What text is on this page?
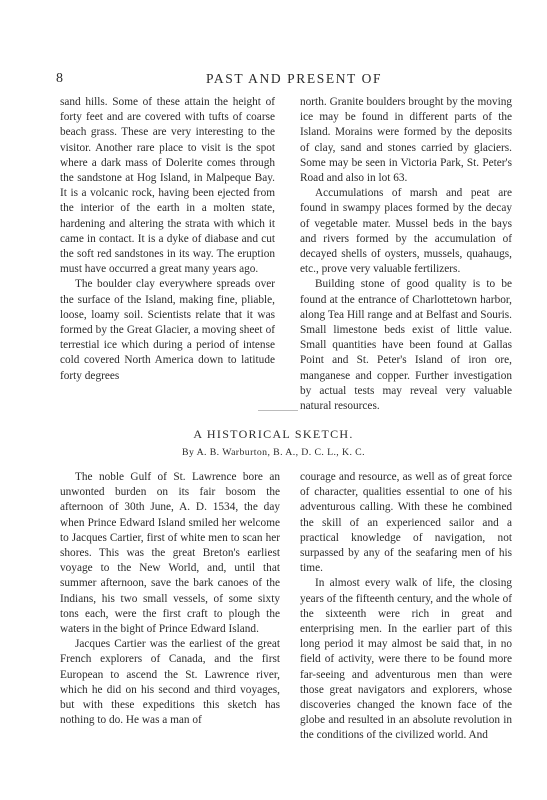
8	PAST AND PRESENT OF

sand hills. Some of these attain the height of forty feet and are covered with tufts of coarse beach grass. These are very interesting to the visitor. Another rare place to visit is the spot where a dark mass of Dolerite comes through the sandstone at Hog Island, in Malpeque Bay. It is a volcanic rock, having been ejected from the interior of the earth in a molten state, hardening and altering the strata with which it came in contact. It is a dyke of diabase and cut the soft red sandstones in its way. The eruption must have occurred a great many years ago.

The boulder clay everywhere spreads over the surface of the Island, making fine, pliable, loose, loamy soil. Scientists relate that it was formed by the Great Glacier, a moving sheet of terrestial ice which during a period of intense cold covered North America down to latitude forty degrees

north. Granite boulders brought by the moving ice may be found in different parts of the Island. Morains were formed by the deposits of clay, sand and stones carried by glaciers. Some may be seen in Victoria Park, St. Peter's Road and also in lot 63.

Accumulations of marsh and peat are found in swampy places formed by the decay of vegetable mater. Mussel beds in the bays and rivers formed by the accumulation of decayed shells of oysters, mussels, quahaugs, etc., prove very valuable fertilizers.

Building stone of good quality is to be found at the entrance of Charlottetown harbor, along Tea Hill range and at Belfast and Souris. Small limestone beds exist of little value. Small quantities have been found at Gallas Point and St. Peter's Island of iron ore, manganese and copper. Further investigation by actual tests may reveal very valuable natural resources.

A HISTORICAL SKETCH.
By A. B. Warburton, B. A., D. C. L., K. C.

The noble Gulf of St. Lawrence bore an unwonted burden on its fair bosom the afternoon of 30th June, A. D. 1534, the day when Prince Edward Island smiled her welcome to Jacques Cartier, first of white men to scan her shores. This was the great Breton's earliest voyage to the New World, and, until that summer afternoon, save the bark canoes of the Indians, his two small vessels, of some sixty tons each, were the first craft to plough the waters in the bight of Prince Edward Island.

Jacques Cartier was the earliest of the great French explorers of Canada, and the first European to ascend the St. Lawrence river, which he did on his second and third voyages, but with these expeditions this sketch has nothing to do. He was a man of

courage and resource, as well as of great force of character, qualities essential to one of his adventurous calling. With these he combined the skill of an experienced sailor and a practical knowledge of navigation, not surpassed by any of the seafaring men of his time.

In almost every walk of life, the closing years of the fifteenth century, and the whole of the sixteenth were rich in great and enterprising men. In the earlier part of this long period it may almost be said that, in no field of activity, were there to be found more far-seeing and adventurous men than were those great navigators and explorers, whose discoveries changed the known face of the globe and resulted in an absolute revolution in the conditions of the civilized world. And
